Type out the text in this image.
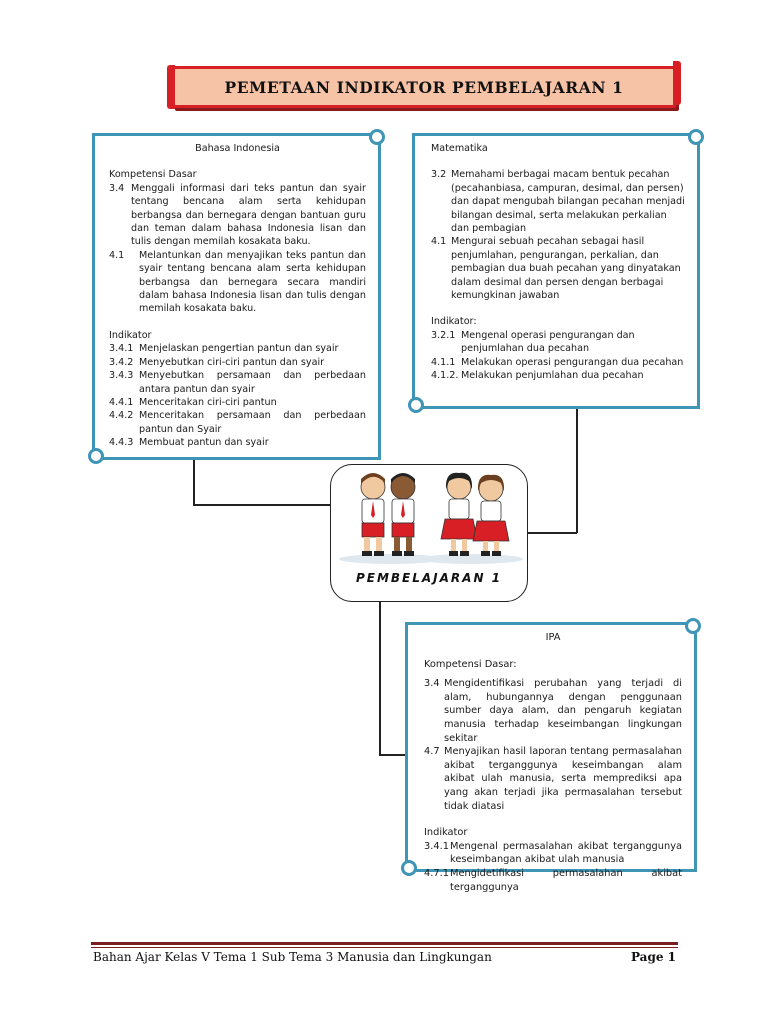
PEMETAAN INDIKATOR PEMBELAJARAN 1
Bahasa Indonesia
Kompetensi Dasar
3.4 Menggali informasi dari teks pantun dan syair tentang bencana alam serta kehidupan berbangsa dan bernegara dengan bantuan guru dan teman dalam bahasa Indonesia lisan dan tulis dengan memilah kosakata baku.
4.1	Melantunkan dan menyajikan teks pantun dan syair tentang bencana alam serta kehidupan berbangsa dan bernegara secara mandiri dalam bahasa Indonesia lisan dan tulis dengan memilah kosakata baku.
Indikator
3.4.1 Menjelaskan pengertian pantun dan syair
3.4.2 Menyebutkan ciri-ciri pantun dan syair
3.4.3 Menyebutkan persamaan dan perbedaan antara pantun dan syair
4.4.1 Menceritakan ciri-ciri pantun
4.4.2 Menceritakan persamaan dan perbedaan pantun dan Syair
4.4.3 Membuat pantun dan syair
Matematika
3.2 Memahami berbagai macam bentuk pecahan (pecahanbiasa, campuran, desimal, dan persen) dan dapat mengubah bilangan pecahan menjadi bilangan desimal, serta melakukan perkalian dan pembagian
4.1 Mengurai sebuah pecahan sebagai hasil penjumlahan, pengurangan, perkalian, dan pembagian dua buah pecahan yang dinyatakan dalam desimal dan persen dengan berbagai kemungkinan jawaban
Indikator:
3.2.1 Mengenal operasi pengurangan dan penjumlahan dua pecahan
4.1.1 Melakukan operasi pengurangan dua pecahan
4.1.2. Melakukan penjumlahan dua pecahan
PEMBELAJARAN 1
IPA
Kompetensi Dasar:
3.4 Mengidentifikasi perubahan yang terjadi di alam, hubungannya dengan penggunaan sumber daya alam, dan pengaruh kegiatan manusia terhadap keseimbangan lingkungan sekitar
4.7 Menyajikan hasil laporan tentang permasalahan akibat terganggunya keseimbangan alam akibat ulah manusia, serta memprediksi apa yang akan terjadi jika permasalahan tersebut tidak diatasi
Indikator
3.4.1 Mengenal permasalahan akibat terganggunya keseimbangan akibat ulah manusia
4.7.1 Mengidetifikasi permasalahan akibat terganggunya
Bahan Ajar Kelas V Tema 1 Sub Tema 3 Manusia dan Lingkungan	Page 1
